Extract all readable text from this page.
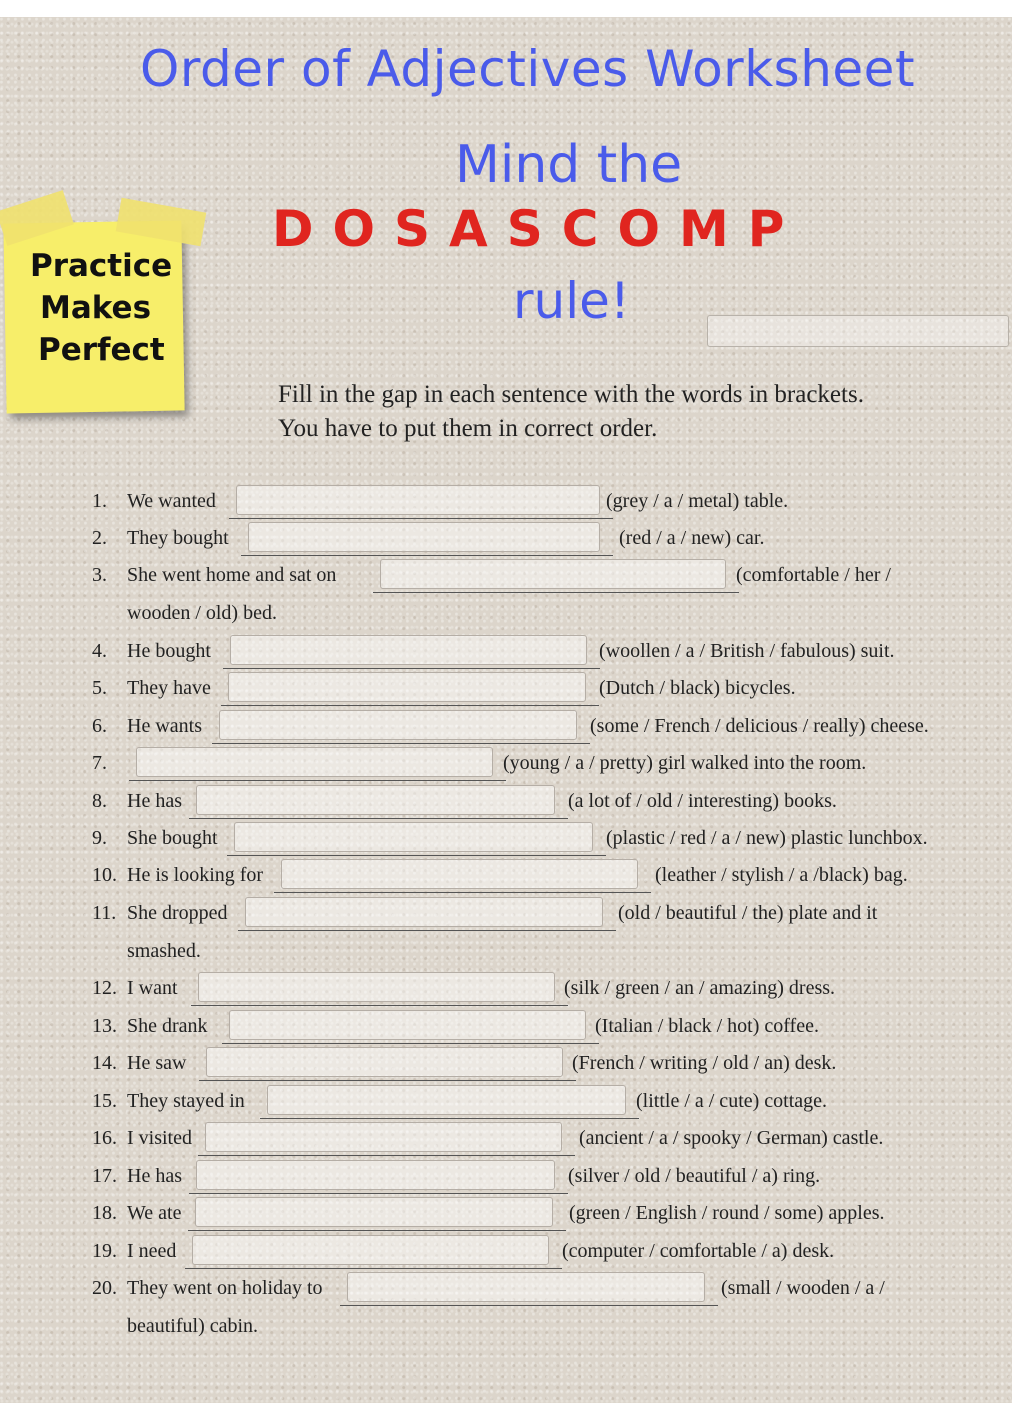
Order of Adjectives Worksheet
Mind the
D O S A S C O M P
rule!
Practice
Makes
Perfect
Fill in the gap in each sentence with the words in brackets.
You have to put them in correct order.
1. We wanted	(grey / a / metal) table.
2. They bought	(red / a / new) car.
3. She went home and sat on	(comfortable / her /
wooden / old) bed.
4. He bought	(woollen / a / British / fabulous) suit.
5. They have	(Dutch / black) bicycles.
6. He wants	(some / French / delicious / really) cheese.
7.	(young / a / pretty) girl walked into the room.
8. He has	(a lot of / old / interesting) books.
9. She bought	(plastic / red / a / new) plastic lunchbox.
10. He is looking for	(leather / stylish / a /black) bag.
11. She dropped	(old / beautiful / the) plate and it
smashed.
12. I want	(silk / green / an / amazing) dress.
13. She drank	(Italian / black / hot) coffee.
14. He saw	(French / writing / old / an) desk.
15. They stayed in	(little / a / cute) cottage.
16. I visited	(ancient / a / spooky / German) castle.
17. He has	(silver / old / beautiful / a) ring.
18. We ate	(green / English / round / some) apples.
19. I need	(computer / comfortable / a) desk.
20. They went on holiday to	(small / wooden / a /
beautiful) cabin.
